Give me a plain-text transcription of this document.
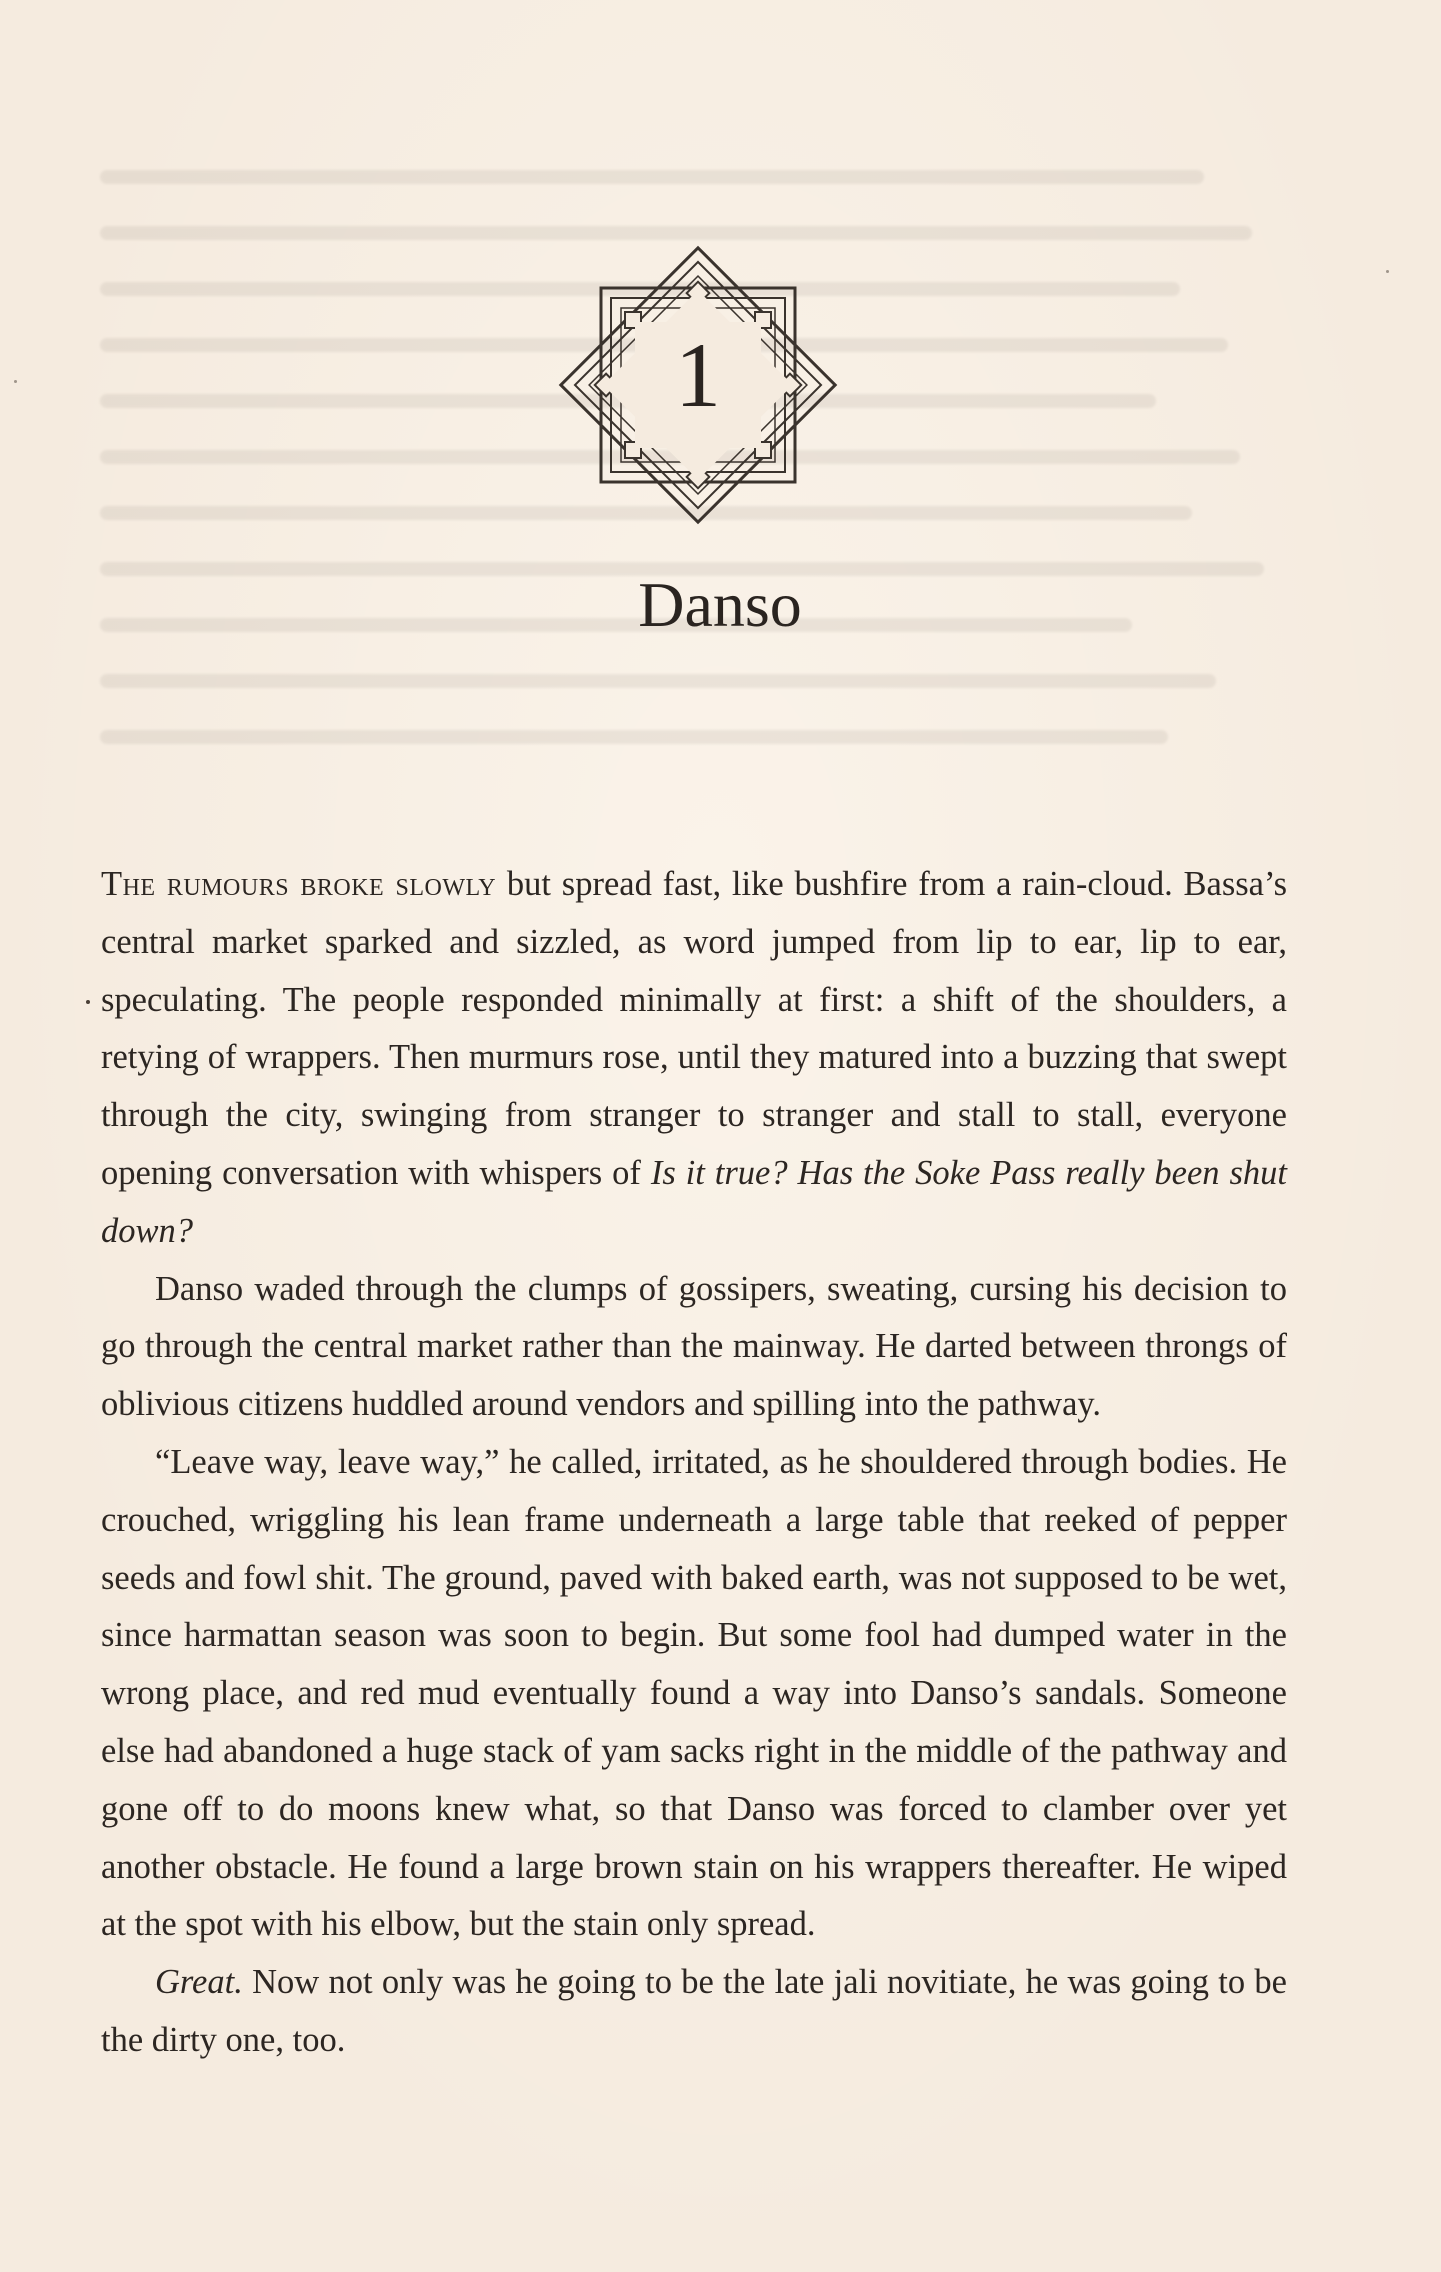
1
Danso

The rumours broke slowly but spread fast, like bushfire from a rain-cloud. Bassa’s central market sparked and sizzled, as word jumped from lip to ear, lip to ear, speculating. The people responded minimally at first: a shift of the shoulders, a retying of wrappers. Then murmurs rose, until they matured into a buzzing that swept through the city, swinging from stranger to stranger and stall to stall, everyone opening conversation with whispers of Is it true? Has the Soke Pass really been shut down?

Danso waded through the clumps of gossipers, sweating, cursing his decision to go through the central market rather than the mainway. He darted between throngs of oblivious citizens huddled around vendors and spilling into the pathway.

“Leave way, leave way,” he called, irritated, as he shouldered through bodies. He crouched, wriggling his lean frame underneath a large table that reeked of pepper seeds and fowl shit. The ground, paved with baked earth, was not supposed to be wet, since harmattan season was soon to begin. But some fool had dumped water in the wrong place, and red mud eventually found a way into Danso’s sandals. Someone else had abandoned a huge stack of yam sacks right in the middle of the pathway and gone off to do moons knew what, so that Danso was forced to clamber over yet another obstacle. He found a large brown stain on his wrappers thereafter. He wiped at the spot with his elbow, but the stain only spread.

Great. Now not only was he going to be the late jali novitiate, he was going to be the dirty one, too.
